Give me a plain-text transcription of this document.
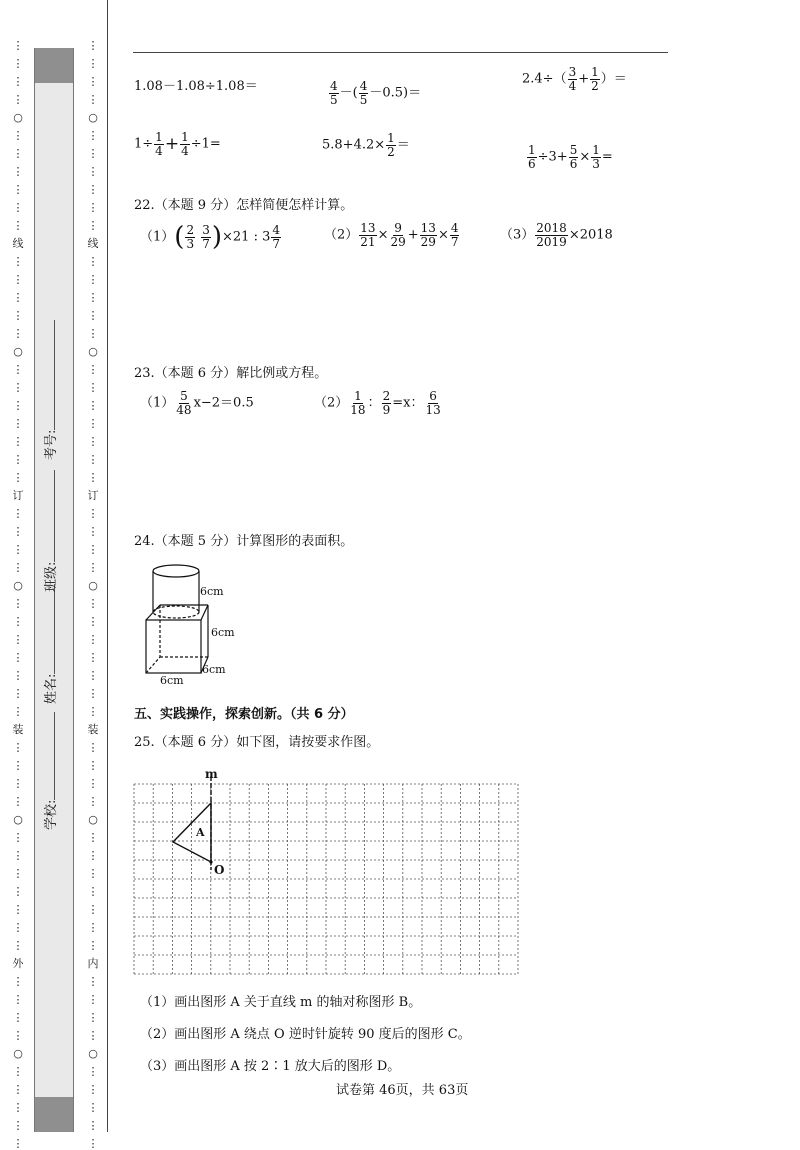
⋮
⋮
⋮
⋮
○
⋮
⋮
⋮
⋮
⋮
⋮
线
⋮
⋮
⋮
⋮
⋮
○
⋮
⋮
⋮
⋮
⋮
⋮
⋮
订
⋮
⋮
⋮
⋮
○
⋮
⋮
⋮
⋮
⋮
⋮
⋮
装
⋮
⋮
⋮
⋮
○
⋮
⋮
⋮
⋮
⋮
⋮
⋮
外
⋮
⋮
⋮
⋮
○
⋮
⋮
⋮
⋮
⋮
学校:
姓名:
班级:
考号:
⋮
⋮
⋮
⋮
○
⋮
⋮
⋮
⋮
⋮
⋮
线
⋮
⋮
⋮
⋮
⋮
○
⋮
⋮
⋮
⋮
⋮
⋮
⋮
订
⋮
⋮
⋮
⋮
○
⋮
⋮
⋮
⋮
⋮
⋮
⋮
装
⋮
⋮
⋮
⋮
○
⋮
⋮
⋮
⋮
⋮
⋮
⋮
内
⋮
⋮
⋮
⋮
○
⋮
⋮
⋮
⋮
⋮
1.08－1.08÷1.08＝	$\frac{4}{5}$ －( $\frac{4}{5} -0.5)=$
$2.4\div( \frac{3}{4} + \frac{1}{2}$ ）＝
$1\div \frac{1}{4} + \frac{1}{4} \div 1=$	$5.8+4.2\times \frac{1}{2}$ ＝	$\frac{1}{6} \div 3+ \frac{5}{6} \times \frac{1}{3}$ =
22.（本题 9 分）怎样简便怎样计算。
$(1)( \frac{2}{3}$
$\frac{3}{7} )\times 21$ : $3 \frac{4}{7}$	$(2) \frac{13}{21} \times \frac{9}{29} + \frac{13}{29} \times \frac{4}{7}$	$(3) \frac{2018}{2019} \times 2018$
23.（本题 6 分）解比例或方程。
$(1) \frac{5}{48} x-2=0.5$	$(2) \frac{1}{18}$ ： $\frac{2}{9} =x$： $\frac{6}{13}$
24.（本题 5 分）计算图形的表面积。
6cm
6cm
6cm
6cm
五、实践操作，探索创新。（共 6 分）
25.（本题 6 分）如下图，请按要求作图。
m
A
O
（1）画出图形 A 关于直线 m 的轴对称图形 B。
（2）画出图形 A 绕点 O 逆时针旋转 90 度后的图形 C。
（3）画出图形 A 按 2∶1 放大后的图形 D。
试卷第 46页，共 63页
